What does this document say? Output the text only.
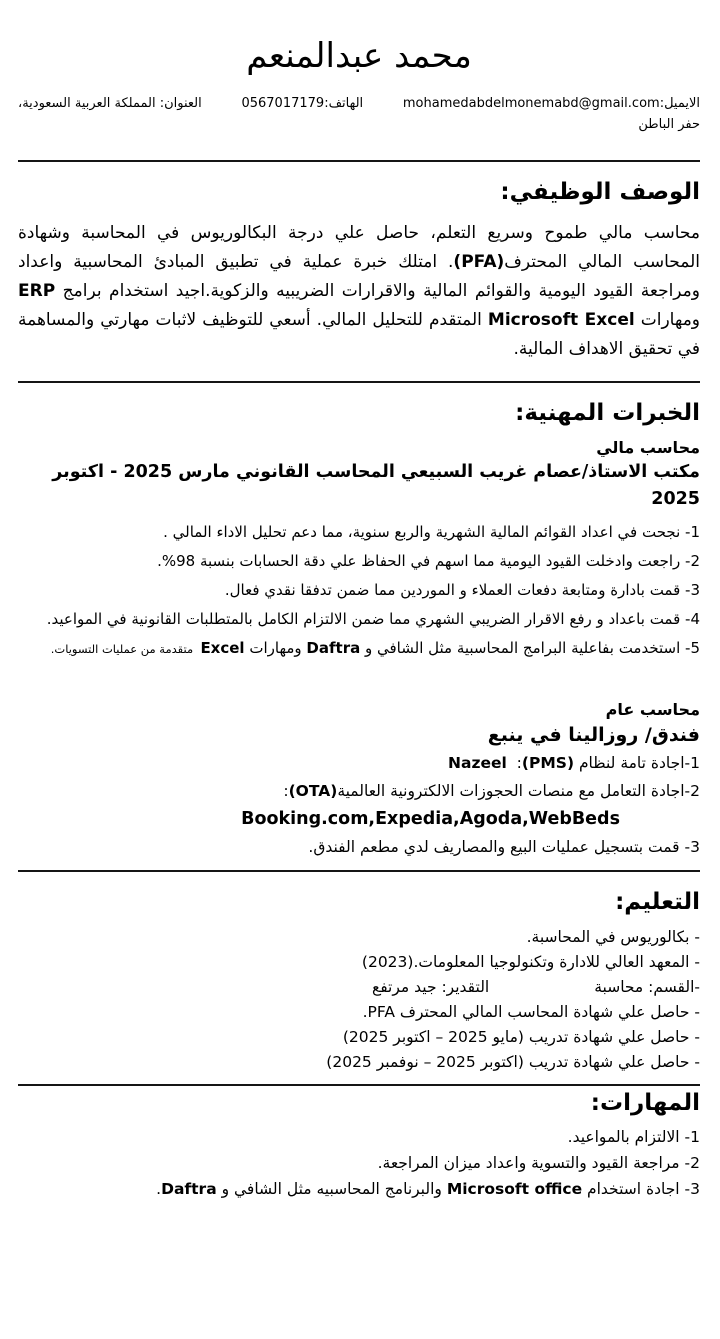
محمد عبدالمنعم
الايميل:mohamedabdelmonemabd@gmail.com
الهاتف:0567017179
العنوان: المملكة العربية السعودية،
حفر الباطن
الوصف الوظيفي:

محاسب مالي طموح وسريع التعلم، حاصل علي درجة البكالوريوس في المحاسبة وشهادة المحاسب المالي المحترف(PFA). امتلك خبرة عملية في تطبيق المبادئ المحاسبية واعداد ومراجعة القيود اليومية والقوائم المالية والاقرارات الضريبيه والزكوية.اجيد استخدام برامج ERP ومهارات Microsoft Excel المتقدم للتحليل المالي. أسعي للتوظيف لاثبات مهارتي والمساهمة في تحقيق الاهداف المالية.

الخبرات المهنية:
محاسب مالي
مكتب الاستاذ/عصام غريب السبيعي المحاسب القانوني مارس 2025 - اكتوبر 2025
1- نجحت في اعداد القوائم المالية الشهرية والربع سنوية، مما دعم تحليل الاداء المالي .
2- راجعت وادخلت القيود اليومية مما اسهم في الحفاظ علي دقة الحسابات بنسبة 98‏%.
3- قمت بادارة ومتابعة دفعات العملاء و الموردين مما ضمن تدفقا نقدي فعال.
4- قمت باعداد و رفع الاقرار الضريبي الشهري مما ضمن الالتزام الكامل بالمتطلبات القانونية في المواعيد.
5- استخدمت بفاعلية البرامج المحاسبية مثل الشافي و Daftra ومهارات Excel  متقدمة من عمليات التسويات.
محاسب عام
فندق/ روزالينا في ينبع
1-اجادة تامة لنظام (PMS):‏  Nazeel
2-اجادة التعامل مع منصات الحجوزات الالكترونية العالمية(OTA):
Booking.com,Expedia,Agoda,WebBeds
3- قمت بتسجيل عمليات البيع والمصاريف لدي مطعم الفندق.
التعليم:
- بكالوريوس في المحاسبة.
- المعهد العالي للادارة وتكنولوجيا المعلومات.(2023)
-القسم: محاسبةالتقدير: جيد مرتفع
- حاصل علي شهادة المحاسب المالي المحترف PFA.
- حاصل علي شهادة تدريب (مايو 2025 – اكتوبر 2025)
- حاصل علي شهادة تدريب (اكتوبر 2025 – نوفمبر 2025)
المهارات:
1- الالتزام بالمواعيد.
2- مراجعة القيود والتسوية واعداد ميزان المراجعة.
3- اجادة استخدام Microsoft office والبرنامج المحاسبيه مثل الشافي و Daftra.
